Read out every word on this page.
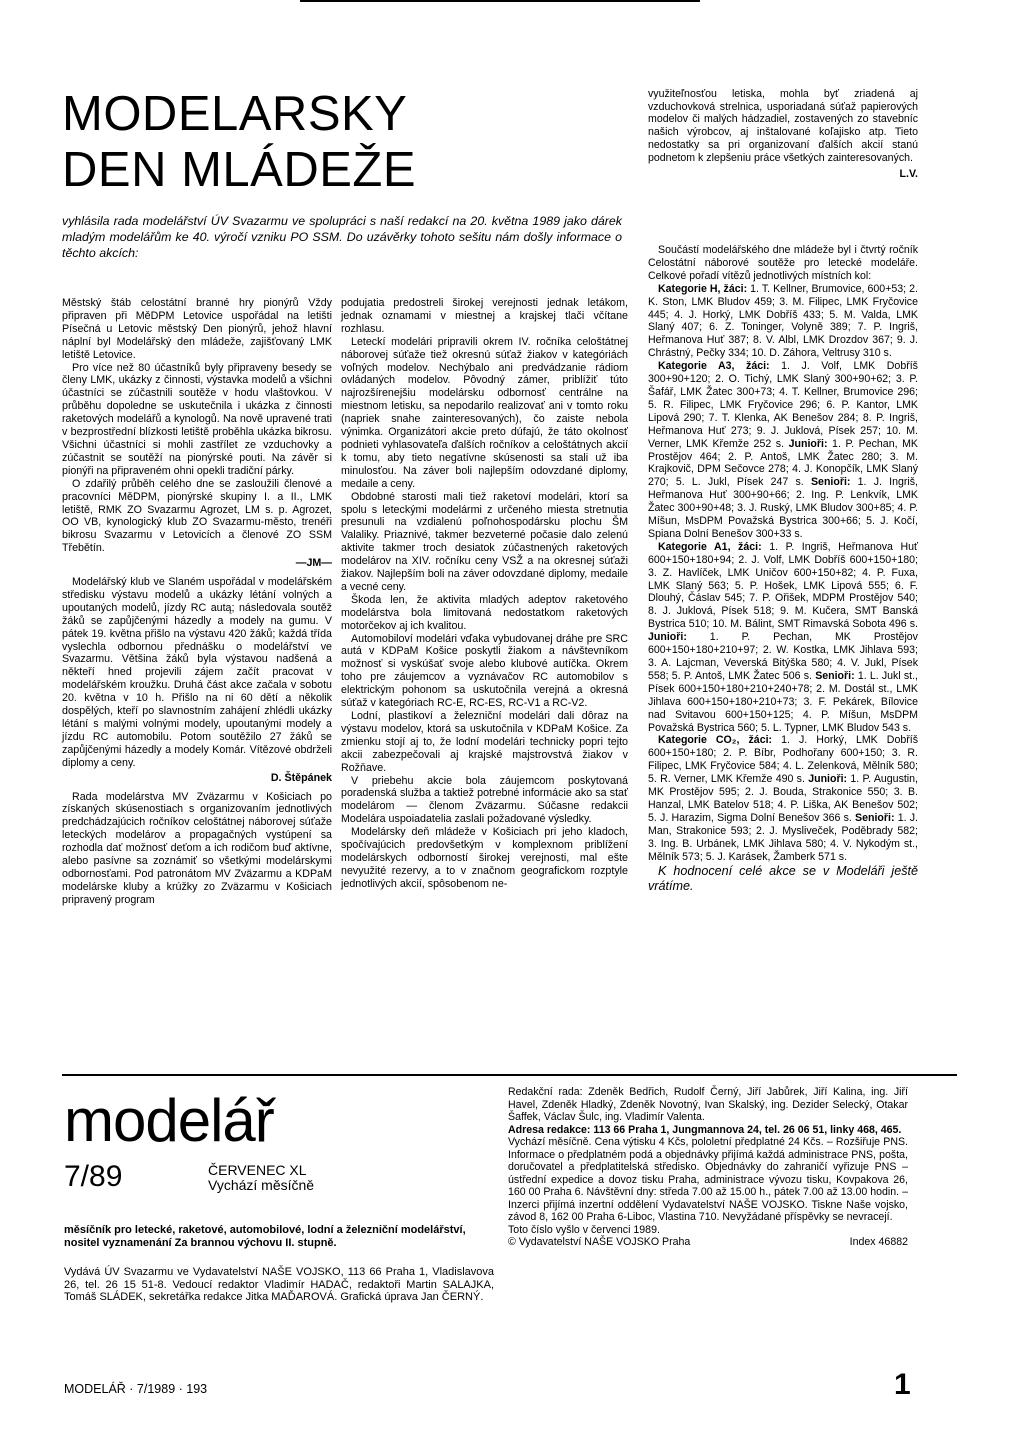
MODELARSKY
DEN MLÁDEŽE

vyhlásila rada modelářství ÚV Svazarmu ve spolupráci s naší redakcí na 20. května 1989 jako dárek mladým modelářům ke 40. výročí vzniku PO SSM. Do uzávěrky tohoto sešitu nám došly informace o těchto akcích:

Městský štáb celostátní branné hry pionýrů Vždy připraven při MěDPM Letovice uspořádal na letišti Písečná u Letovic městský Den pionýrů, jehož hlavní náplní byl Modelářský den mládeže, zajišťovaný LMK letiště Letovice.

Pro více než 80 účastníků byly připraveny besedy se členy LMK, ukázky z činnosti, výstavka modelů a všichni účastníci se zúčastnili soutěže v hodu vlaštovkou. V průběhu dopoledne se uskutečnila i ukázka z činnosti raketových modelářů a kynologů. Na nově upravené trati v bezprostřední blízkosti letiště proběhla ukázka bikrosu. Všichni účastníci si mohli zastřílet ze vzduchovky a zúčastnit se soutěží na pionýrské pouti. Na závěr si pionýři na připraveném ohni opekli tradiční párky.

O zdařilý průběh celého dne se zasloužili členové a pracovníci MěDPM, pionýrské skupiny I. a II., LMK letiště, RMK ZO Svazarmu Agrozet, LM s. p. Agrozet, OO VB, kynologický klub ZO Svazarmu-město, trenéři bikrosu Svazarmu v Letovicích a členové ZO SSM Třebětín.

—JM—

Modelářský klub ve Slaném uspořádal v modelářském středisku výstavu modelů a ukázky létání volných a upoutaných modelů, jízdy RC autą; následovala soutěž žáků se zapůjčenými házedly a modely na gumu. V pátek 19. května přišlo na výstavu 420 žáků; každá třída vyslechla odbornou přednášku o modelářství ve Svazarmu. Většina žáků byla výstavou nadšená a někteří hned projevili zájem začít pracovat v modelářském kroužku. Druhá část akce začala v sobotu 20. května v 10 h. Přišlo na ni 60 dětí a několik dospělých, kteří po slavnostním zahájení zhlédli ukázky létání s malými volnými modely, upoutanými modely a jízdu RC automobilu. Potom soutěžilo 27 žáků se zapůjčenými házedly a modely Komár. Vítězové obdrželi diplomy a ceny.

D. Štěpánek

Rada modelárstva MV Zväzarmu v Košiciach po získaných skúsenostiach s organizovaním jednotlivých predchádzajúcich ročníkov celoštátnej náborovej súťaže leteckých modelárov a propagačných vystúpení sa rozhodla dať možnosť deťom a ich rodičom buď aktívne, alebo pasívne sa zoznámiť so všetkými modelárskymi odbornosťami. Pod patronátom MV Zväzarmu a KDPaM modelárske kluby a krúžky zo Zväzarmu v Košiciach pripravený program

podujatia predostreli širokej verejnosti jednak letákom, jednak oznamami v miestnej a krajskej tlači včítane rozhlasu.

Leteckí modelári pripravili okrem IV. ročníka celoštátnej náborovej súťaže tiež okresnú súťaž žiakov v kategóriách voľných modelov. Nechýbalo ani predvádzanie rádiom ovládaných modelov. Pôvodný zámer, priblížiť túto najrozšírenejšiu modelársku odbornosť centrálne na miestnom letisku, sa nepodarilo realizovať ani v tomto roku (napriek snahe zainteresovaných), čo zaiste nebola výnimka. Organizátori akcie preto dúfajú, že táto okolnosť podnieti vyhlasovateľa ďalších ročníkov a celoštátnych akcií k tomu, aby tieto negatívne skúsenosti sa stali už iba minulosťou. Na záver boli najlepším odovzdané diplomy, medaile a ceny.

Obdobné starosti mali tiež raketoví modelári, ktorí sa spolu s leteckými modelármi z určeného miesta stretnutia presunuli na vzdialenú poľnohospodársku plochu ŠM Valaliky. Priaznivé, takmer bezveterné počasie dalo zelenú aktivite takmer troch desiatok zúčastnených raketových modelárov na XIV. ročníku ceny VSŽ a na okresnej súťaži žiakov. Najlepším boli na záver odovzdané diplomy, medaile a vecné ceny.

Škoda len, že aktivita mladých adeptov raketového modelárstva bola limitovaná nedostatkom raketových motorčekov aj ich kvalitou.

Automobiloví modelári vďaka vybudovanej dráhe pre SRC autá v KDPaM Košice poskytli žiakom a návštevníkom možnosť si vyskúšať svoje alebo klubové autíčka. Okrem toho pre záujemcov a vyznávačov RC automobilov s elektrickým pohonom sa uskutočnila verejná a okresná súťaž v kategóriach RC-E, RC-ES, RC-V1 a RC-V2.

Lodní, plastikoví a železniční modelári dali dôraz na výstavu modelov, ktorá sa uskutočnila v KDPaM Košice. Za zmienku stojí aj to, že lodní modelári technicky popri tejto akcii zabezpečovali aj krajské majstrovstvá žiakov v Rožňave.

V priebehu akcie bola záujemcom poskytovaná poradenská služba a taktiež potrebné informácie ako sa stať modelárom — členom Zväzarmu. Súčasne redakcii Modelára uspoiadatelia zaslali požadované výsledky.

Modelársky deň mládeže v Košiciach pri jeho kladoch, spočívajúcich predovšetkým v komplexnom priblížení modelárskych odborností širokej verejnosti, mal ešte nevyužité rezervy, a to v značnom geografickom rozptyle jednotlivých akcií, spôsobenom ne-

využiteľnosťou letiska, mohla byť zriadená aj vzduchovková strelnica, usporiadaná súťaž papierových modelov či malých hádzadiel, zostavených zo stavebníc našich výrobcov, aj inštalované koľajisko atp. Tieto nedostatky sa pri organizovaní ďalších akcií stanú podnetom k zlepšeniu práce všetkých zainteresovaných.

L.V.

Součástí modelářského dne mládeže byl i čtvrtý ročník Celostátní náborové soutěže pro letecké modeláře. Celkové pořadí vítězů jednotlivých místních kol:

Kategorie H, žáci: 1. T. Kellner, Brumovice, 600+53; 2. K. Ston, LMK Bludov 459; 3. M. Filipec, LMK Fryčovice 445; 4. J. Horký, LMK Dobříš 433; 5. M. Valda, LMK Slaný 407; 6. Z. Toninger, Volyně 389; 7. P. Ingriš, Heřmanova Huť 387; 8. V. Albl, LMK Drozdov 367; 9. J. Chrástný, Pečky 334; 10. D. Záhora, Veltrusy 310 s.

Kategorie A3, žáci: 1. J. Volf, LMK Dobříš 300+90+120; 2. O. Tichý, LMK Slaný 300+90+62; 3. P. Šafář, LMK Žatec 300+73; 4. T. Kellner, Brumovice 296; 5. R. Filipec, LMK Fryčovice 296; 6. P. Kantor, LMK Lipová 290; 7. T. Klenka, AK Benešov 284; 8. P. Ingriš, Heřmanova Huť 273; 9. J. Juklová, Písek 257; 10. M. Verner, LMK Křemže 252 s. Junioři: 1. P. Pechan, MK Prostějov 464; 2. P. Antoš, LMK Žatec 280; 3. M. Krajkovič, DPM Sečovce 278; 4. J. Konopčík, LMK Slaný 270; 5. L. Jukl, Písek 247 s. Senioři: 1. J. Ingriš, Heřmanova Huť 300+90+66; 2. Ing. P. Lenkvík, LMK Žatec 300+90+48; 3. J. Ruský, LMK Bludov 300+85; 4. P. Míšun, MsDPM Považská Bystrica 300+66; 5. J. Kočí, Spiana Dolní Benešov 300+33 s.

Kategorie A1, žáci: 1. P. Ingriš, Heřmanova Huť 600+150+180+94; 2. J. Volf, LMK Dobříš 600+150+180; 3. Z. Havlíček, LMK Uničov 600+150+82; 4. P. Fuxa, LMK Slaný 563; 5. P. Hošek, LMK Lipová 555; 6. F. Dlouhý, Čáslav 545; 7. P. Ořišek, MDPM Prostějov 540; 8. J. Juklová, Písek 518; 9. M. Kučera, SMT Banská Bystrica 510; 10. M. Bálint, SMT Rimavská Sobota 496 s. Junioři: 1. P. Pechan, MK Prostějov 600+150+180+210+97; 2. W. Kostka, LMK Jihlava 593; 3. A. Lajcman, Veverská Bitýška 580; 4. V. Jukl, Písek 558; 5. P. Antoš, LMK Žatec 506 s. Senioři: 1. L. Jukl st., Písek 600+150+180+210+240+78; 2. M. Dostál st., LMK Jihlava 600+150+180+210+73; 3. F. Pekárek, Bílovice nad Svitavou 600+150+125; 4. P. Míšun, MsDPM Považská Bystrica 560; 5. L. Typner, LMK Bludov 543 s.

Kategorie CO₂, žáci: 1. J. Horký, LMK Dobříš 600+150+180; 2. P. Bíbr, Podhořany 600+150; 3. R. Filipec, LMK Fryčovice 584; 4. L. Zelenková, Mělník 580; 5. R. Verner, LMK Křemže 490 s. Junioři: 1. P. Augustin, MK Prostějov 595; 2. J. Bouda, Strakonice 550; 3. B. Hanzal, LMK Batelov 518; 4. P. Liška, AK Benešov 502; 5. J. Harazim, Sigma Dolní Benešov 366 s. Senioři: 1. J. Man, Strakonice 593; 2. J. Mysliveček, Poděbrady 582; 3. Ing. B. Urbánek, LMK Jihlava 580; 4. V. Nykodým st., Mělník 573; 5. J. Karásek, Žamberk 571 s.

K hodnocení celé akce se v Modeláři ještě vrátíme.

modelář
7/89	ČERVENEC XL
Vychází měsíčně

měsíčník pro letecké, raketové, automobilové, lodní a železniční modelářství, nositel vyznamenání Za brannou výchovu II. stupně.

Vydává ÚV Svazarmu ve Vydavatelství NAŠE VOJSKO, 113 66 Praha 1, Vladislavova 26, tel. 26 15 51-8. Vedoucí redaktor Vladimír HADAČ, redaktoři Martin SALAJKA, Tomáš SLÁDEK, sekretářka redakce Jitka MAĎAROVÁ. Grafická úprava Jan ČERNÝ.

Redakční rada: Zdeněk Bedřich, Rudolf Černý, Jiří Jabůrek, Jiří Kalina, ing. Jiří Havel, Zdeněk Hladký, Zdeněk Novotný, Ivan Skalský, ing. Dezider Selecký, Otakar Šaffek, Václav Šulc, ing. Vladimír Valenta.

Adresa redakce: 113 66 Praha 1, Jungmannova 24, tel. 26 06 51, linky 468, 465.

Vychází měsíčně. Cena výtisku 4 Kčs, pololetní předplatné 24 Kčs. – Rozšiřuje PNS. Informace o předplatném podá a objednávky přijímá každá administrace PNS, pošta, doručovatel a předplatitelská středisko. Objednávky do zahraničí vyřizuje PNS – ústřední expedice a dovoz tisku Praha, administrace vývozu tisku, Kovpakova 26, 160 00 Praha 6. Návštěvní dny: středa 7.00 až 15.00 h., pátek 7.00 až 13.00 hodin. – Inzerci přijímá inzertní oddělení Vydavatelství NAŠE VOJSKO. Tiskne Naše vojsko, závod 8, 162 00 Praha 6-Liboc, Vlastina 710. Nevyžádané příspěvky se nevracejí.

Toto číslo vyšlo v červenci 1989.

© Vydavatelství NAŠE VOJSKO Praha	Index 46882
MODELÁŘ · 7/1989 · 193	1
